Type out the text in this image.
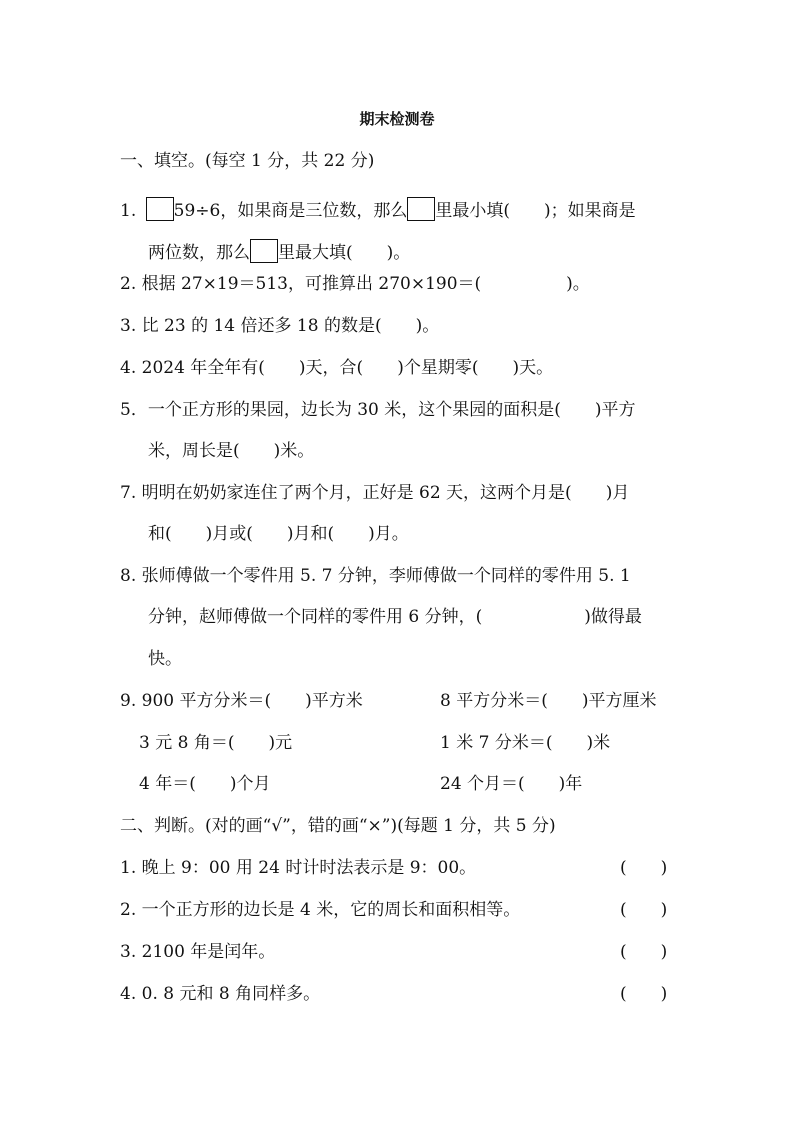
期末检测卷
一、填空。(每空 1 分，共 22 分)
1. 59÷6，如果商是三位数，那么 里最小填(　　)；如果商是
两位数，那么 里最大填(　　)。
2. 根据 27×19＝513，可推算出 270×190＝(　　　　　)。
3. 比 23 的 14 倍还多 18 的数是(　　)。
4. 2024 年全年有(　　)天，合(　　)个星期零(　　)天。
5．一个正方形的果园，边长为 30 米，这个果园的面积是(　　)平方
米，周长是(　　)米。
7. 明明在奶奶家连住了两个月，正好是 62 天，这两个月是(　　)月
和(　　)月或(　　)月和(　　)月。
8. 张师傅做一个零件用 5. 7 分钟，李师傅做一个同样的零件用 5. 1
分钟，赵师傅做一个同样的零件用 6 分钟，(　　　　　　)做得最
快。
9. 900 平方分米＝(　　)平方米	8 平方分米＝(　　)平方厘米
3 元 8 角＝(　　)元	1 米 7 分米＝(　　)米
4 年＝(　　)个月	24 个月＝(　　)年
二、判断。(对的画“√”，错的画“×”)(每题 1 分，共 5 分)
1. 晚上 9：00 用 24 时计时法表示是 9：00。	(　　)
2. 一个正方形的边长是 4 米，它的周长和面积相等。	(　　)
3. 2100 年是闰年。	(　　)
4. 0. 8 元和 8 角同样多。	(　　)
